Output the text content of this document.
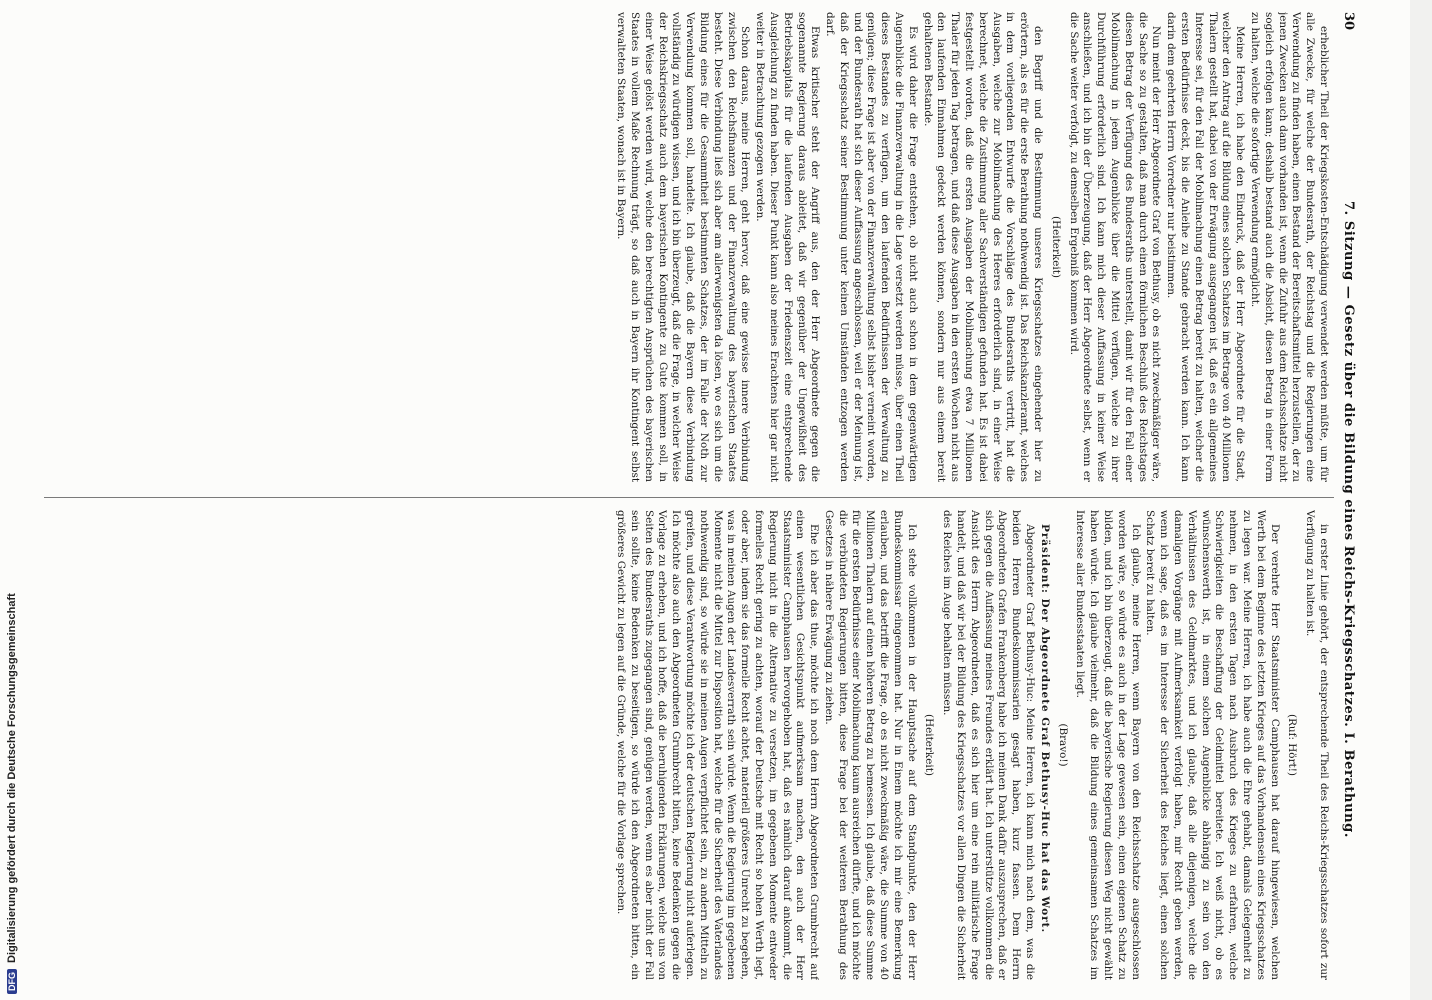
30
7. Sitzung — Gesetz über die Bildung eines Reichs-Kriegsschatzes. I. Berathung.

erheblicher Theil der Kriegskosten-Entschädigung verwendet werden müßte, um für alle Zwecke, für welche der Bundesrath, der Reichstag und die Regierungen eine Verwendung zu finden haben, einen Bestand der Bereitschaftsmittel herzustellen, der zu jenen Zwecken auch dann vorhanden ist, wenn die Zufuhr aus dem Reichsschatze nicht sogleich erfolgen kann; deshalb bestand auch die Absicht, diesen Betrag in einer Form zu halten, welche die sofortige Verwendung ermöglicht.

Meine Herren, ich habe den Eindruck, daß der Herr Abgeordnete für die Stadt, welcher den Antrag auf die Bildung eines solchen Schatzes im Betrage von 40 Millionen Thalern gestellt hat, dabei von der Erwägung ausgegangen ist, daß es ein allgemeines Interesse sei, für den Fall der Mobilmachung einen Betrag bereit zu halten, welcher die ersten Bedürfnisse deckt, bis die Anleihe zu Stande gebracht werden kann. Ich kann darin dem geehrten Herrn Vorredner nur beistimmen.

Nun meint der Herr Abgeordnete Graf von Bethusy, ob es nicht zweckmäßiger wäre, die Sache so zu gestalten, daß man durch einen förmlichen Beschluß des Reichstages diesen Betrag der Verfügung des Bundesraths unterstellt, damit wir für den Fall einer Mobilmachung in jedem Augenblicke über die Mittel verfügen, welche zu ihrer Durchführung erforderlich sind. Ich kann mich dieser Auffassung in keiner Weise anschließen, und ich bin der Überzeugung, daß der Herr Abgeordnete selbst, wenn er die Sache weiter verfolgt, zu demselben Ergebniß kommen wird.

(Heiterkeit)

den Begriff und die Bestimmung unseres Kriegsschatzes eingehender hier zu erörtern, als es für die erste Berathung nothwendig ist. Das Reichskanzleramt, welches in dem vorliegenden Entwurfe die Vorschläge des Bundesraths vertritt, hat die Ausgaben, welche zur Mobilmachung des Heeres erforderlich sind, in einer Weise berechnet, welche die Zustimmung aller Sachverständigen gefunden hat. Es ist dabei festgestellt worden, daß die ersten Ausgaben der Mobilmachung etwa 7 Millionen Thaler für jeden Tag betragen, und daß diese Ausgaben in den ersten Wochen nicht aus den laufenden Einnahmen gedeckt werden können, sondern nur aus einem bereit gehaltenen Bestande.

Es wird daher die Frage entstehen, ob nicht auch schon in dem gegenwärtigen Augenblicke die Finanzverwaltung in die Lage versetzt werden müsse, über einen Theil dieses Bestandes zu verfügen, um den laufenden Bedürfnissen der Verwaltung zu genügen; diese Frage ist aber von der Finanzverwaltung selbst bisher verneint worden, und der Bundesrath hat sich dieser Auffassung angeschlossen, weil er der Meinung ist, daß der Kriegsschatz seiner Bestimmung unter keinen Umständen entzogen werden darf.

Etwas kritischer steht der Angriff aus, den der Herr Abgeordnete gegen die sogenannte Regierung daraus ableitet, daß wir gegenüber der Ungewißheit des Betriebskapitals für die laufenden Ausgaben der Friedenszeit eine entsprechende Ausgleichung zu finden haben. Dieser Punkt kann also meines Erachtens hier gar nicht weiter in Betrachtung gezogen werden.

Schon daraus, meine Herren, geht hervor, daß eine gewisse innere Verbindung zwischen den Reichsfinanzen und der Finanzverwaltung des bayerischen Staates besteht. Diese Verbindung ließ sich aber am allerwenigsten da lösen, wo es sich um die Bildung eines für die Gesammtheit bestimmten Schatzes, der im Falle der Noth zur Verwendung kommen soll, handelte. Ich glaube, daß die Bayern diese Verbindung vollständig zu würdigen wissen, und ich bin überzeugt, daß die Frage, in welcher Weise der Reichskriegsschatz auch dem bayerischen Kontingente zu Gute kommen soll, in einer Weise gelöst werden wird, welche den berechtigten Ansprüchen des bayerischen Staates in vollem Maße Rechnung trägt, so daß auch in Bayern ihr Kontingent selbst verwalteten Staaten, wonach ist in Bayern.

in erster Linie gehört, der entsprechende Theil des Reichs-Kriegsschatzes sofort zur Verfügung zu halten ist.

(Ruf: Hört!)

Der verehrte Herr Staatsminister Camphausen hat darauf hingewiesen, welchen Werth bei dem Beginne des letzten Krieges auf das Vorhandensein eines Kriegsschatzes zu legen war. Meine Herren, ich habe auch die Ehre gehabt, damals Gelegenheit zu nehmen, in den ersten Tagen nach Ausbruch des Krieges zu erfahren, welche Schwierigkeiten die Beschaffung der Geldmittel bereitete. Ich weiß nicht, ob es wünschenswerth ist, in einem solchen Augenblicke abhängig zu sein von den Verhältnissen des Geldmarktes, und ich glaube, daß alle diejenigen, welche die damaligen Vorgänge mit Aufmerksamkeit verfolgt haben, mir Recht geben werden, wenn ich sage, daß es im Interesse der Sicherheit des Reiches liegt, einen solchen Schatz bereit zu halten.

Ich glaube, meine Herren, wenn Bayern von den Reichsschatze ausgeschlossen worden wäre, so würde es auch in der Lage gewesen sein, einen eigenen Schatz zu bilden, und ich bin überzeugt, daß die bayerische Regierung diesen Weg nicht gewählt haben würde. Ich glaube vielmehr, daß die Bildung eines gemeinsamen Schatzes im Interesse aller Bundesstaaten liegt.

(Bravo!)

Präsident: Der Abgeordnete Graf Bethusy-Huc hat das Wort.

Abgeordneter Graf Bethusy-Huc: Meine Herren, ich kann mich nach dem, was die beiden Herren Bundeskommissarien gesagt haben, kurz fassen. Dem Herrn Abgeordneten Grafen Frankenberg habe ich meinen Dank dafür auszusprechen, daß er sich gegen die Auffassung meines Freundes erklärt hat. Ich unterstütze vollkommen die Ansicht des Herrn Abgeordneten, daß es sich hier um eine rein militärische Frage handelt, und daß wir bei der Bildung des Kriegsschatzes vor allen Dingen die Sicherheit des Reiches im Auge behalten müssen.

(Heiterkeit)

Ich stehe vollkommen in der Hauptsache auf dem Standpunkte, den der Herr Bundeskommissar eingenommen hat. Nur in Einem möchte ich mir eine Bemerkung erlauben, und das betrifft die Frage, ob es nicht zweckmäßig wäre, die Summe von 40 Millionen Thalern auf einen höheren Betrag zu bemessen. Ich glaube, daß diese Summe für die ersten Bedürfnisse einer Mobilmachung kaum ausreichen dürfte, und ich möchte die verbündeten Regierungen bitten, diese Frage bei der weiteren Berathung des Gesetzes in nähere Erwägung zu ziehen.

Ehe ich aber das thue, möchte ich noch dem Herrn Abgeordneten Grumbrecht auf einen wesentlichen Gesichtspunkt aufmerksam machen, den auch der Herr Staatsminister Camphausen hervorgehoben hat, daß es nämlich darauf ankommt, die Regierung nicht in die Alternative zu versetzen, im gegebenen Momente entweder formelles Recht gering zu achten, worauf der Deutsche mit Recht so hohen Werth legt, oder aber, indem sie das formelle Recht achtet, materiell größeres Unrecht zu begehen, was in meinen Augen der Landesverrath sein würde. Wenn die Regierung im gegebenen Momente nicht die Mittel zur Disposition hat, welche für die Sicherheit des Vaterlandes nothwendig sind, so würde sie in meinen Augen verpflichtet sein, zu andern Mitteln zu greifen, und diese Verantwortung möchte ich der deutschen Regierung nicht auferlegen. Ich möchte also auch den Abgeordneten Grumbrecht bitten, keine Bedenken gegen die Vorlage zu erheben, und ich hoffe, daß die beruhigenden Erklärungen, welche uns von Seiten des Bundesraths zugegangen sind, genügen werden, wenn es aber nicht der Fall sein sollte, keine Bedenken zu beseitigen, so würde ich den Abgeordneten bitten, ein größeres Gewicht zu legen auf die Gründe, welche für die Vorlage sprechen.

DFGDigitalisierung gefördert durch die Deutsche Forschungsgemeinschaft
